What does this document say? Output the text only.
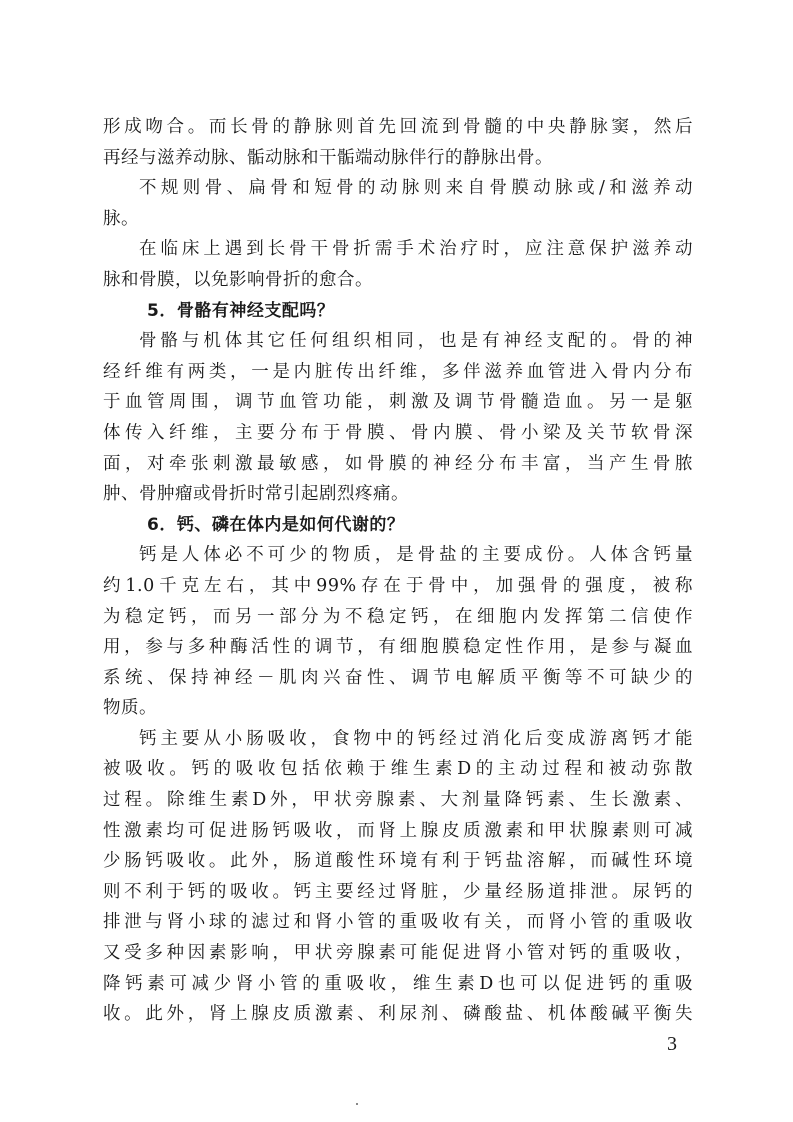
形成吻合。而长骨的静脉则首先回流到骨髓的中央静脉窦，然后
再经与滋养动脉、骺动脉和干骺端动脉伴行的静脉出骨。
不规则骨、扁骨和短骨的动脉则来自骨膜动脉或/和滋养动
脉。
在临床上遇到长骨干骨折需手术治疗时，应注意保护滋养动
脉和骨膜，以免影响骨折的愈合。
5．骨骼有神经支配吗？
骨骼与机体其它任何组织相同，也是有神经支配的。骨的神
经纤维有两类，一是内脏传出纤维，多伴滋养血管进入骨内分布
于血管周围，调节血管功能，刺激及调节骨髓造血。另一是躯
体传入纤维，主要分布于骨膜、骨内膜、骨小梁及关节软骨深
面，对牵张刺激最敏感，如骨膜的神经分布丰富，当产生骨脓
肿、骨肿瘤或骨折时常引起剧烈疼痛。
6．钙、磷在体内是如何代谢的？
钙是人体必不可少的物质，是骨盐的主要成份。人体含钙量
约1.0千克左右，其中99%存在于骨中，加强骨的强度，被称
为稳定钙，而另一部分为不稳定钙，在细胞内发挥第二信使作
用，参与多种酶活性的调节，有细胞膜稳定性作用，是参与凝血
系统、保持神经－肌肉兴奋性、调节电解质平衡等不可缺少的
物质。
钙主要从小肠吸收，食物中的钙经过消化后变成游离钙才能
被吸收。钙的吸收包括依赖于维生素D的主动过程和被动弥散
过程。除维生素D外，甲状旁腺素、大剂量降钙素、生长激素、
性激素均可促进肠钙吸收，而肾上腺皮质激素和甲状腺素则可减
少肠钙吸收。此外，肠道酸性环境有利于钙盐溶解，而碱性环境
则不利于钙的吸收。钙主要经过肾脏，少量经肠道排泄。尿钙的
排泄与肾小球的滤过和肾小管的重吸收有关，而肾小管的重吸收
又受多种因素影响，甲状旁腺素可能促进肾小管对钙的重吸收，
降钙素可减少肾小管的重吸收，维生素D也可以促进钙的重吸
收。此外，肾上腺皮质激素、利尿剂、磷酸盐、机体酸碱平衡失
3
